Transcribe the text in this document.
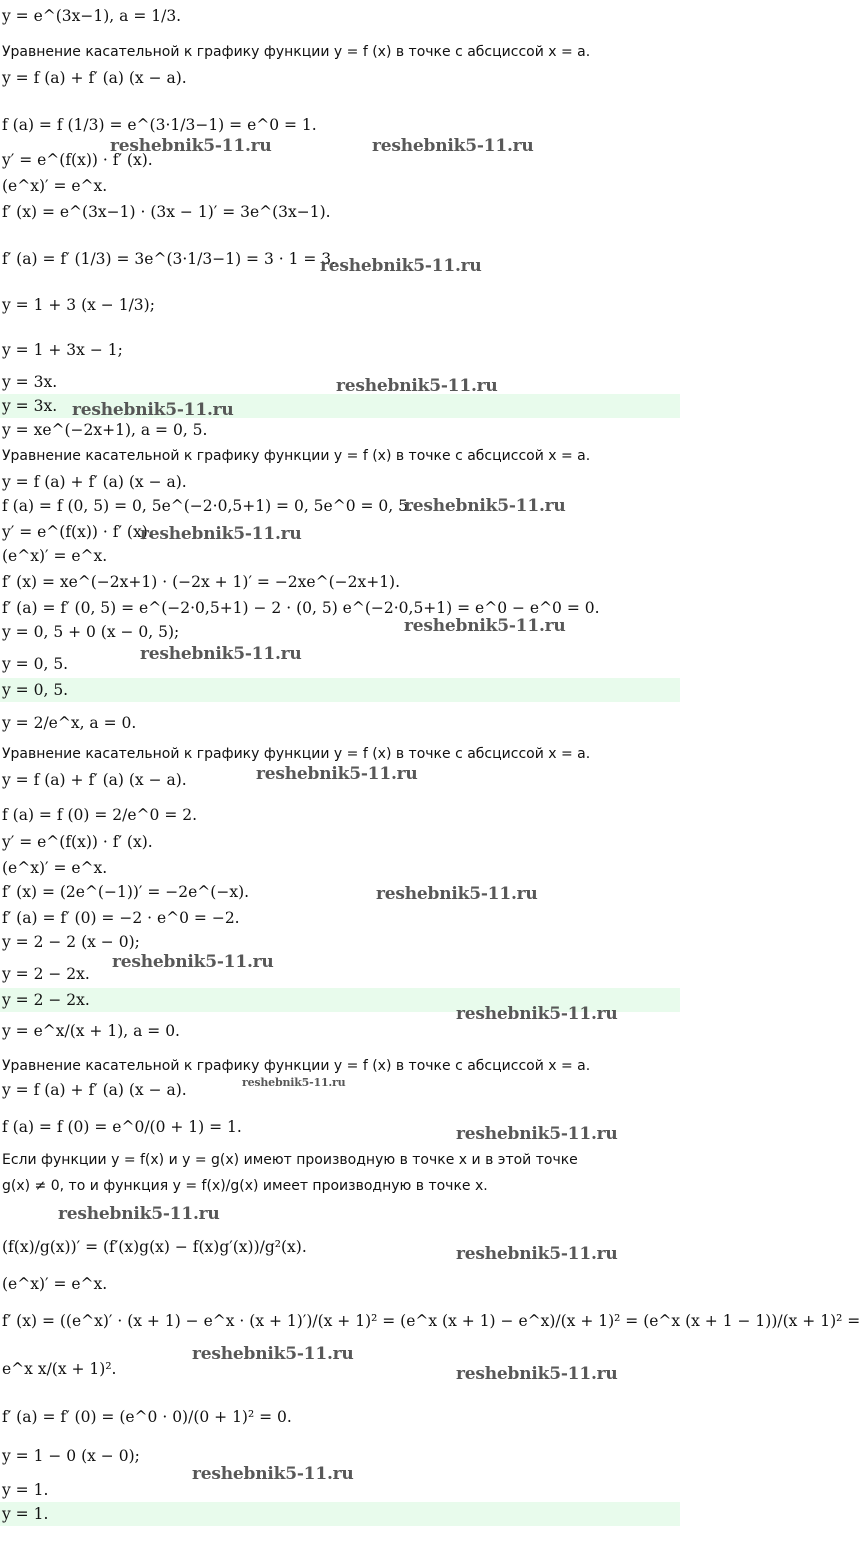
y = e^(3x−1), a = 1/3.
Уравнение касательной к графику функции y = f (x) в точке с абсциссой x = a.
y = f (a) + f′ (a) (x − a).
f (a) = f (1/3) = e^(3·1/3−1) = e^0 = 1.
y′ = e^(f(x)) · f′ (x).
(e^x)′ = e^x.
f′ (x) = e^(3x−1) · (3x − 1)′ = 3e^(3x−1).
f′ (a) = f′ (1/3) = 3e^(3·1/3−1) = 3 · 1 = 3.
y = 1 + 3 (x − 1/3);
y = 1 + 3x − 1;
y = 3x.
y = 3x.
y = xe^(−2x+1), a = 0, 5.
Уравнение касательной к графику функции y = f (x) в точке с абсциссой x = a.
y = f (a) + f′ (a) (x − a).
f (a) = f (0, 5) = 0, 5e^(−2·0,5+1) = 0, 5e^0 = 0, 5.
y′ = e^(f(x)) · f′ (x).
(e^x)′ = e^x.
f′ (x) = xe^(−2x+1) · (−2x + 1)′ = −2xe^(−2x+1).
f′ (a) = f′ (0, 5) = e^(−2·0,5+1) − 2 · (0, 5) e^(−2·0,5+1) = e^0 − e^0 = 0.
y = 0, 5 + 0 (x − 0, 5);
y = 0, 5.
y = 0, 5.
y = 2/e^x, a = 0.
Уравнение касательной к графику функции y = f (x) в точке с абсциссой x = a.
y = f (a) + f′ (a) (x − a).
f (a) = f (0) = 2/e^0 = 2.
y′ = e^(f(x)) · f′ (x).
(e^x)′ = e^x.
f′ (x) = (2e^(−1))′ = −2e^(−x).
f′ (a) = f′ (0) = −2 · e^0 = −2.
y = 2 − 2 (x − 0);
y = 2 − 2x.
y = 2 − 2x.
y = e^x/(x + 1), a = 0.
Уравнение касательной к графику функции y = f (x) в точке с абсциссой x = a.
y = f (a) + f′ (a) (x − a).
f (a) = f (0) = e^0/(0 + 1) = 1.
Если функции y = f(x) и y = g(x) имеют производную в точке x и в этой точке
g(x) ≠ 0, то и функция y = f(x)/g(x) имеет производную в точке x.
(f(x)/g(x))′ = (f′(x)g(x) − f(x)g′(x))/g²(x).
(e^x)′ = e^x.
f′ (x) = ((e^x)′ · (x + 1) − e^x · (x + 1)′)/(x + 1)² = (e^x (x + 1) − e^x)/(x + 1)² = (e^x (x + 1 − 1))/(x + 1)² =
e^x x/(x + 1)².
f′ (a) = f′ (0) = (e^0 · 0)/(0 + 1)² = 0.
y = 1 − 0 (x − 0);
y = 1.
y = 1.
reshebnik5-11.ru	reshebnik5-11.ru
reshebnik5-11.ru
reshebnik5-11.ru
reshebnik5-11.ru
reshebnik5-11.ru
reshebnik5-11.ru
reshebnik5-11.ru
reshebnik5-11.ru
reshebnik5-11.ru
reshebnik5-11.ru
reshebnik5-11.ru
reshebnik5-11.ru
reshebnik5-11.ru
reshebnik5-11.ru
reshebnik5-11.ru
reshebnik5-11.ru
reshebnik5-11.ru
reshebnik5-11.ru
reshebnik5-11.ru
